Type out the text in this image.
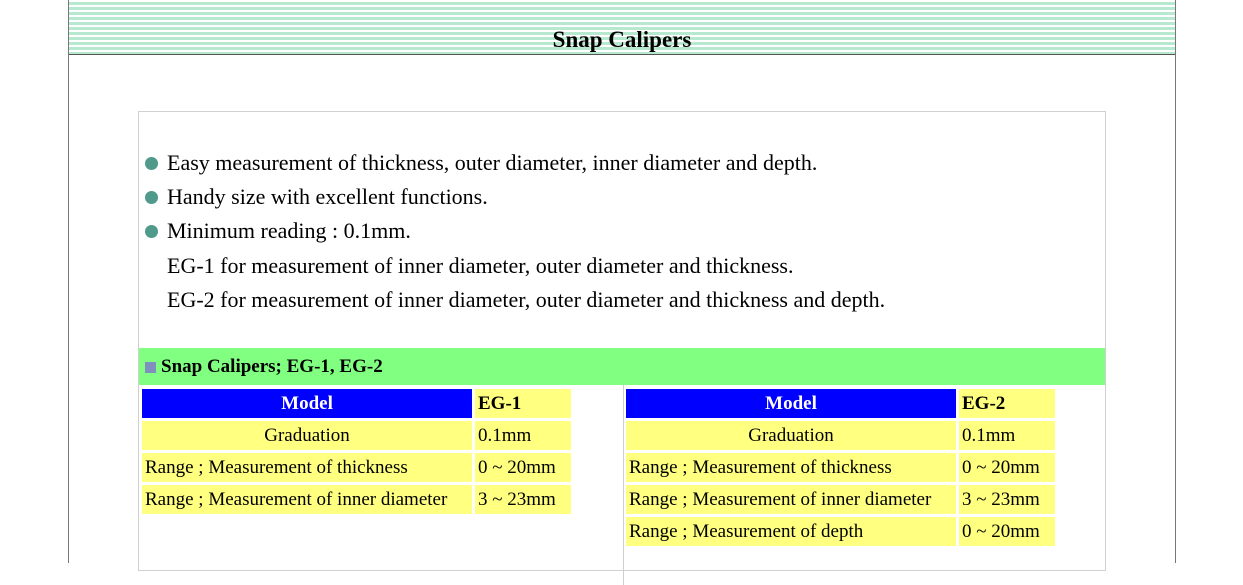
Snap Calipers
Easy measurement of thickness, outer diameter, inner diameter and depth.
Handy size with excellent functions.
Minimum reading : 0.1mm.
EG-1 for measurement of inner diameter, outer diameter and thickness.
EG-2 for measurement of inner diameter, outer diameter and thickness and depth.
Snap Calipers; EG-1, EG-2
Model	EG-1
Graduation	0.1mm
Range ; Measurement of thickness	0 ~ 20mm
Range ; Measurement of inner diameter	3 ~ 23mm
Model	EG-2
Graduation	0.1mm
Range ; Measurement of thickness	0 ~ 20mm
Range ; Measurement of inner diameter	3 ~ 23mm
Range ; Measurement of depth	0 ~ 20mm
